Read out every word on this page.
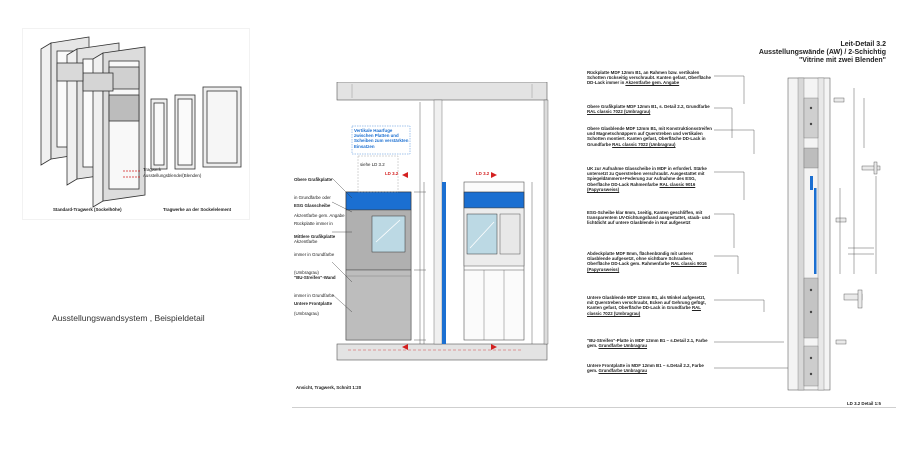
Tragwerk
Ausstellungsblende/(Blenden)
Standard-Tragwerk (Sockelhöhe)	Tragwerke an der Sockelelement
Ausstellungswandsystem , Beispieldetail
Obere Grafikplatte
in Grundfarbe oder Akzentfarbe gem. Angabe
ESG Glasscheibe
Rückplatte immer in Akzentfarbe
Mittlere Grafikplatte
immer in Grundfarbe (Umbragrau)
"BU-Streifen"-Wand
immer in Grundfarbe (Umbragrau)
Untere Frontplatte
Vertikale Haarfuge zwischen Platten und Scheiben zum verstärkten Einsatzen
siehe LD 3.2
LD 3.2	LD 3.2
Ansicht, Tragwerk, Schnitt 1:20
Leit-Detail 3.2
Ausstellungswände (AW) / 2-Schichtig
"Vitrine mit zwei Blenden"
Rückplatte MDF 12mm B1, an Rahmen bzw. vertikalen Schotten rückseitig verschraubt. Kanten gefast, Oberfläche DD-Lack immer in Akzentfarbe gem. Angabe
Obere Grafikplatte MDF 12mm B1, s. Detail 2.2, Grundfarbe RAL classic 7022 (Umbragrau)
Obere Glasblende MDF 12mm B1, mit Konstruktionsstreifen und Magnetschnäppern auf Querstreben und vertikalen Schotten montiert. Kanten gefast, Oberfläche DD-Lack in Grundfarbe RAL classic 7022 (Umbragrau)
UK zur Aufnahme Glasscheibe in MDF in erforderl. Stärke untersetzt zu Querstreben verschraubt. Ausgestattet mit Spiegeldämmern+Federung zur Aufnahme des ESG, Oberfläche DD-Lack Rahmenfarbe RAL classic 9016 (Papyrusweiss)
ESG-Scheibe klar 6mm, 1seitig, Kanten geschliffen, mit transparentem UV-Dichtungsband ausgestattet, staub- und lichtdicht auf untere Glasblende in Nut aufgesetzt
Abdeckplatte MDF 8mm, flächenbündig mit unterer Glasblende aufgesetzt, ohne sichtbare Schrauben, Oberfläche DD-Lack gem. Rahmenfarbe RAL classic 9016 (Papyrusweiss)
Untere Glasblende MDF 12mm B1, als Winkel aufgesetzt, mit Querstreben verschraubt, Ecken auf Gehrung gefügt, Kanten gefast, Oberfläche DD-Lack in Grundfarbe RAL classic 7022 (Umbragrau)
"BU-Streifen"-Platte in MDF 12mm B1 – s.Detail 2.1, Farbe gem. Grundfarbe Umbragrau
Untere Frontplatte in MDF 12mm B1 – s.Detail 2.2, Farbe gem. Grundfarbe Umbragrau
LD 3.2 Detail 1:5
